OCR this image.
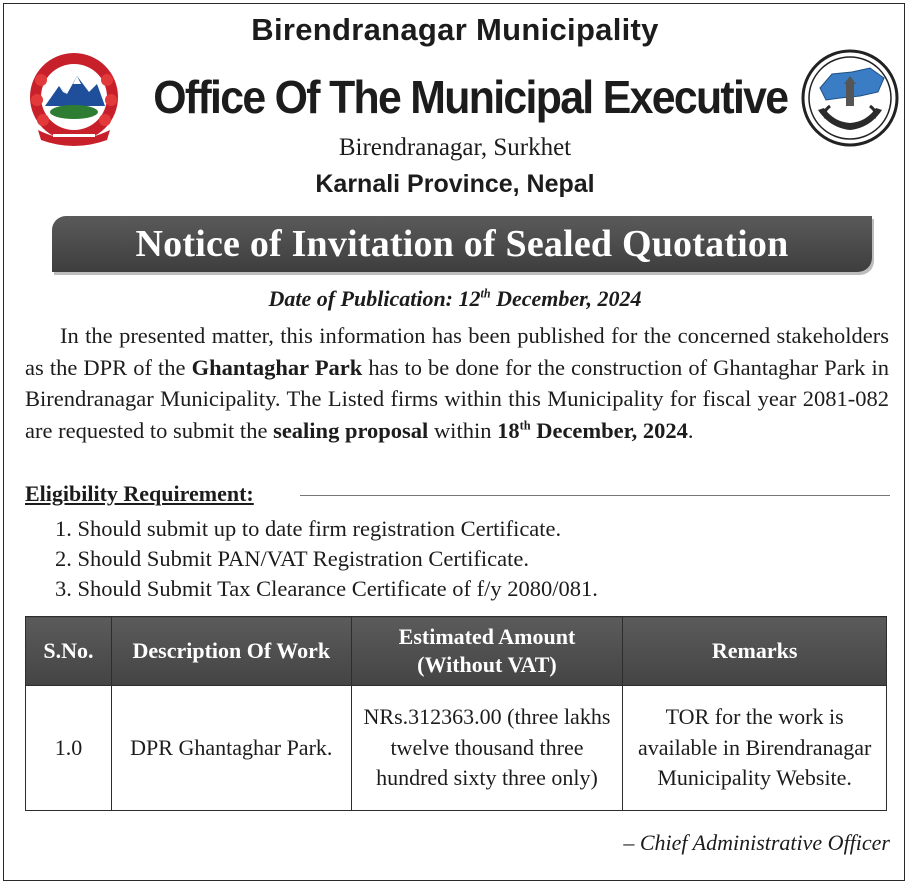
Birendranagar Municipality
Office Of The Municipal Executive
Birendranagar, Surkhet
Karnali Province, Nepal
Notice of Invitation of Sealed Quotation
Date of Publication: 12th December, 2024
In the presented matter, this information has been published for the concerned stakeholders as the DPR of the Ghantaghar Park has to be done for the construction of Ghantaghar Park in Birendranagar Municipality. The Listed firms within this Municipality for fiscal year 2081-082 are requested to submit the sealing proposal within 18th December, 2024.
Eligibility Requirement:
1. Should submit up to date firm registration Certificate.
2. Should Submit PAN/VAT Registration Certificate.
3. Should Submit Tax Clearance Certificate of f/y 2080/081.
S.No.	Description Of Work	Estimated Amount (Without VAT)	Remarks
1.0	DPR Ghantaghar Park.	NRs.312363.00 (three lakhs twelve thousand three hundred sixty three only)	TOR for the work is available in Birendranagar Municipality Website.
– Chief Administrative Officer
